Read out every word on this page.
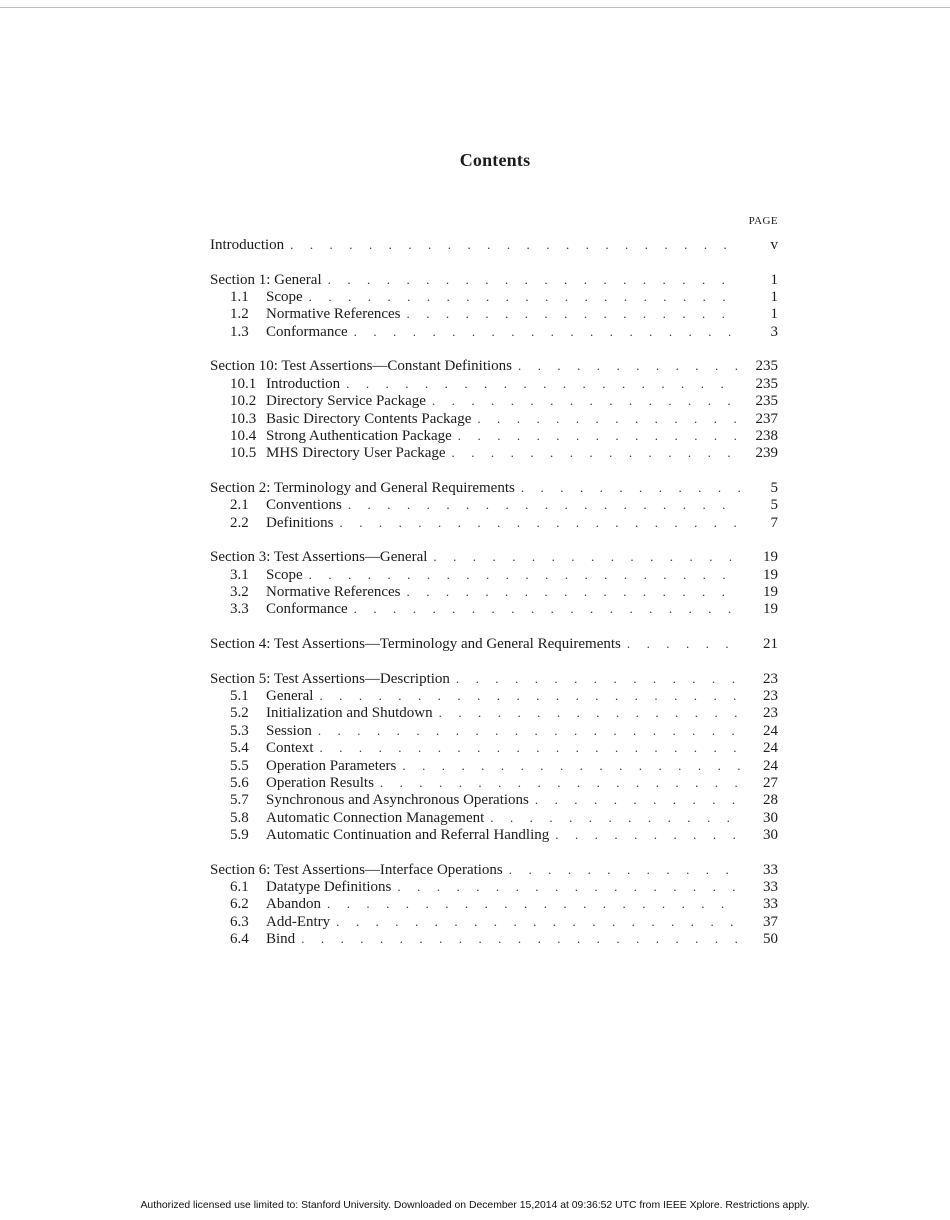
Contents
PAGE
Introduction . . .	v
Section 1: General . . .	1
1.1	Scope . . .	1
1.2	Normative References . . .	1
1.3	Conformance . . .	3
Section 10: Test Assertions—Constant Definitions . . .	235
10.1 Introduction . . .	235
10.2 Directory Service Package . . .	235
10.3 Basic Directory Contents Package . . .	237
10.4 Strong Authentication Package . . .	238
10.5 MHS Directory User Package . . .	239
Section 2: Terminology and General Requirements . . .	5
2.1	Conventions . . .	5
2.2	Definitions . . .	7
Section 3: Test Assertions—General . . .	19
3.1	Scope . . .	19
3.2	Normative References . . .	19
3.3	Conformance . . .	19
Section 4: Test Assertions—Terminology and General Requirements . . .	21
Section 5: Test Assertions—Description . . .	23
5.1	General . . .	23
5.2	Initialization and Shutdown . . .	23
5.3	Session . . .	24
5.4	Context . . .	24
5.5	Operation Parameters . . .	24
5.6	Operation Results . . .	27
5.7	Synchronous and Asynchronous Operations . . .	28
5.8	Automatic Connection Management . . .	30
5.9	Automatic Continuation and Referral Handling . . .	30
Section 6: Test Assertions—Interface Operations . . .	33
6.1	Datatype Definitions . . .	33
6.2	Abandon . . .	33
6.3	Add-Entry . . .	37
6.4	Bind . . .	50
Authorized licensed use limited to: Stanford University. Downloaded on December 15,2014 at 09:36:52 UTC from IEEE Xplore. Restrictions apply.
